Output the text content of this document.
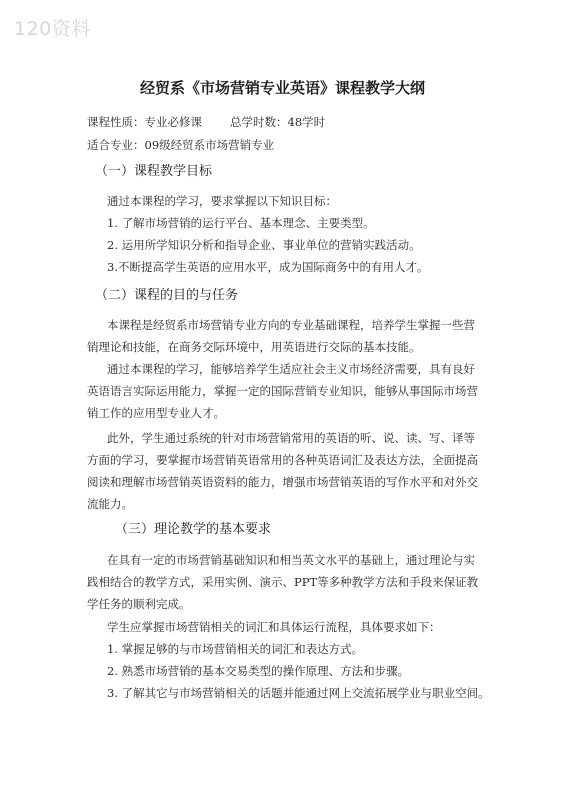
120资料
经贸系《市场营销专业英语》课程教学大纲
课程性质：专业必修课 总学时数：48学时
适合专业：09级经贸系市场营销专业
（一）课程教学目标
通过本课程的学习，要求掌握以下知识目标：
1. 了解市场营销的运行平台、基本理念、主要类型。
2. 运用所学知识分析和指导企业、事业单位的营销实践活动。
3.不断提高学生英语的应用水平，成为国际商务中的有用人才。
（二）课程的目的与任务
本课程是经贸系市场营销专业方向的专业基础课程，培养学生掌握一些营
销理论和技能，在商务交际环境中，用英语进行交际的基本技能。
通过本课程的学习，能够培养学生适应社会主义市场经济需要，具有良好
英语语言实际运用能力，掌握一定的国际营销专业知识，能够从事国际市场营
销工作的应用型专业人才。
此外，学生通过系统的针对市场营销常用的英语的听、说、读、写、译等
方面的学习，要掌握市场营销英语常用的各种英语词汇及表达方法，全面提高
阅读和理解市场营销英语资料的能力，增强市场营销英语的写作水平和对外交
流能力。
（三）理论教学的基本要求
在具有一定的市场营销基础知识和相当英文水平的基础上，通过理论与实
践相结合的教学方式，采用实例、演示、PPT等多种教学方法和手段来保证教
学任务的顺利完成。
学生应掌握市场营销相关的词汇和具体运行流程，具体要求如下：
1. 掌握足够的与市场营销相关的词汇和表达方式。
2. 熟悉市场营销的基本交易类型的操作原理、方法和步骤。
3. 了解其它与市场营销相关的话题并能通过网上交流拓展学业与职业空间。
